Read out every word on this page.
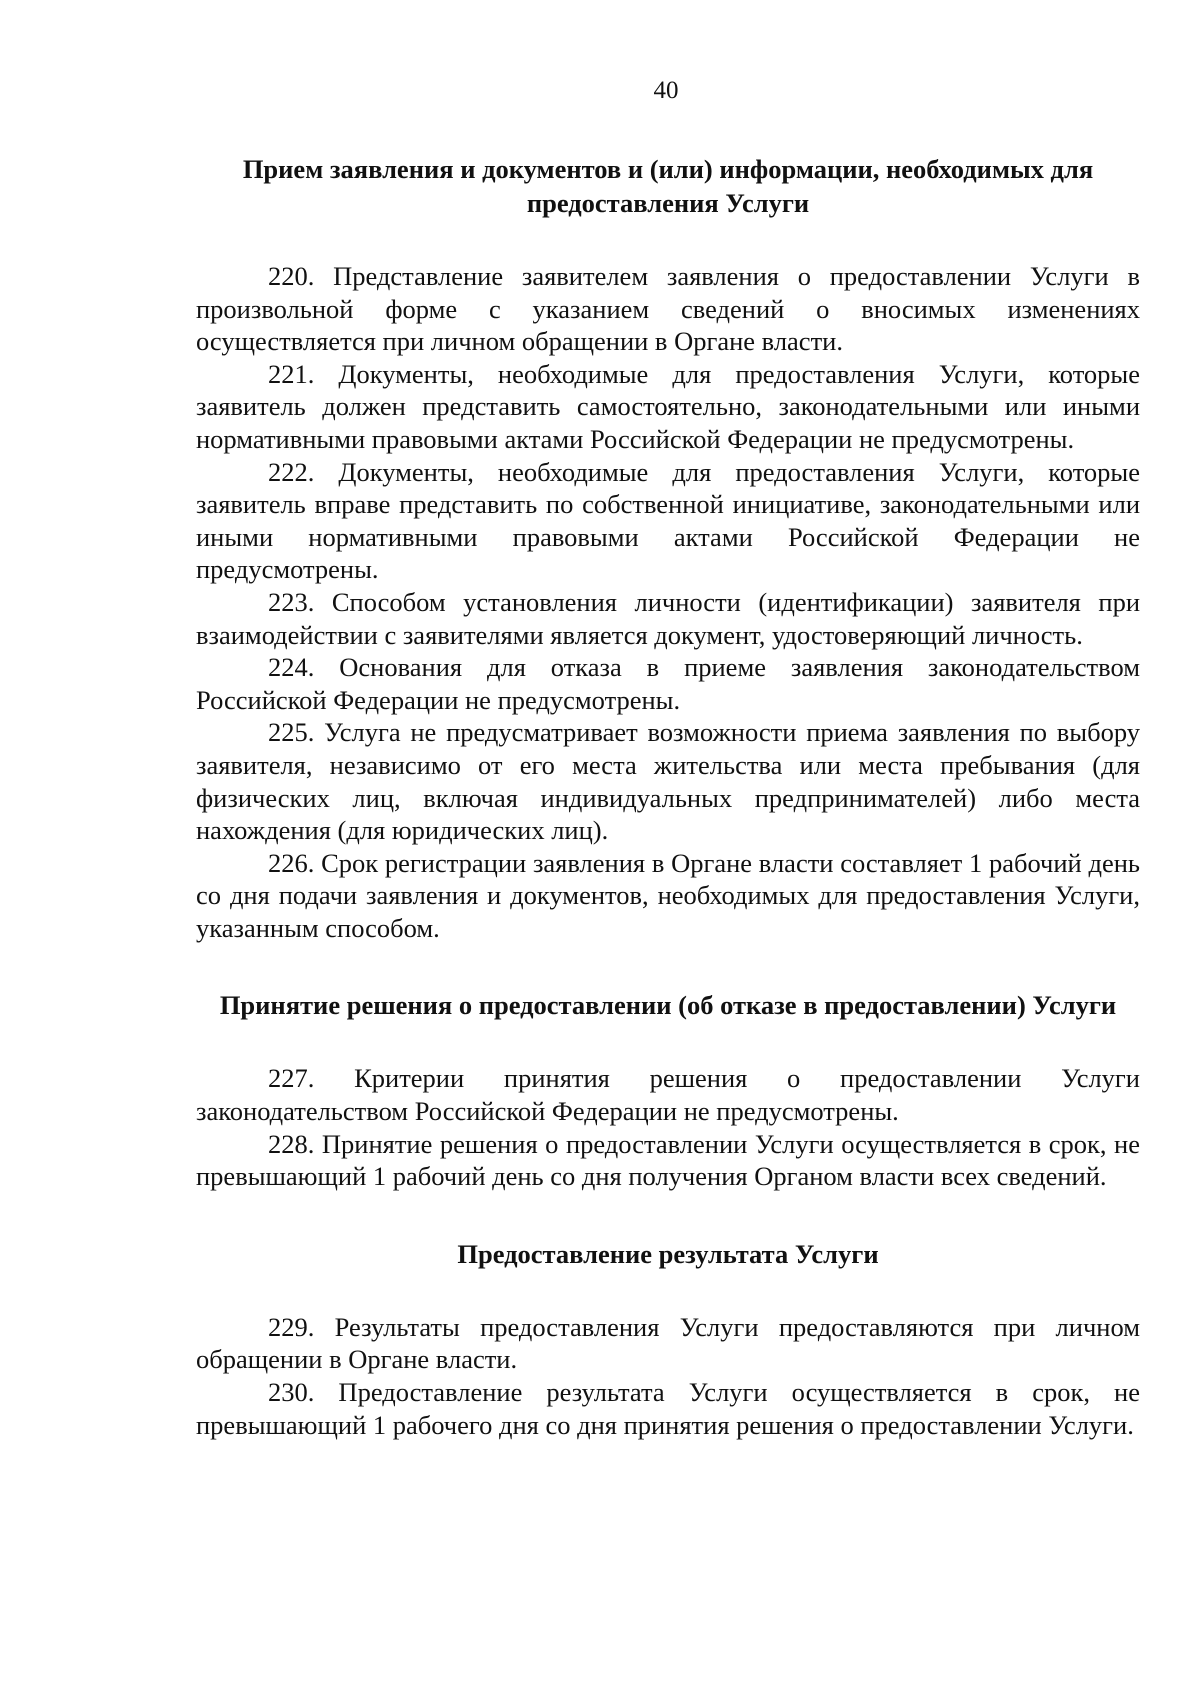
40
Прием заявления и документов и (или) информации, необходимых для предоставления Услуги

220. Представление заявителем заявления о предоставлении Услуги в произвольной форме с указанием сведений о вносимых изменениях осуществляется при личном обращении в Органе власти.

221. Документы, необходимые для предоставления Услуги, которые заявитель должен представить самостоятельно, законодательными или иными нормативными правовыми актами Российской Федерации не предусмотрены.

222. Документы, необходимые для предоставления Услуги, которые заявитель вправе представить по собственной инициативе, законодательными или иными нормативными правовыми актами Российской Федерации не предусмотрены.

223. Способом установления личности (идентификации) заявителя при взаимодействии с заявителями является документ, удостоверяющий личность.

224. Основания для отказа в приеме заявления законодательством Российской Федерации не предусмотрены.

225. Услуга не предусматривает возможности приема заявления по выбору заявителя, независимо от его места жительства или места пребывания (для физических лиц, включая индивидуальных предпринимателей) либо места нахождения (для юридических лиц).

226. Срок регистрации заявления в Органе власти составляет 1 рабочий день со дня подачи заявления и документов, необходимых для предоставления Услуги, указанным способом.

Принятие решения о предоставлении (об отказе в предоставлении) Услуги

227. Критерии принятия решения о предоставлении Услуги законодательством Российской Федерации не предусмотрены.

228. Принятие решения о предоставлении Услуги осуществляется в срок, не превышающий 1 рабочий день со дня получения Органом власти всех сведений.

Предоставление результата Услуги

229. Результаты предоставления Услуги предоставляются при личном обращении в Органе власти.

230. Предоставление результата Услуги осуществляется в срок, не превышающий 1 рабочего дня со дня принятия решения о предоставлении Услуги.
